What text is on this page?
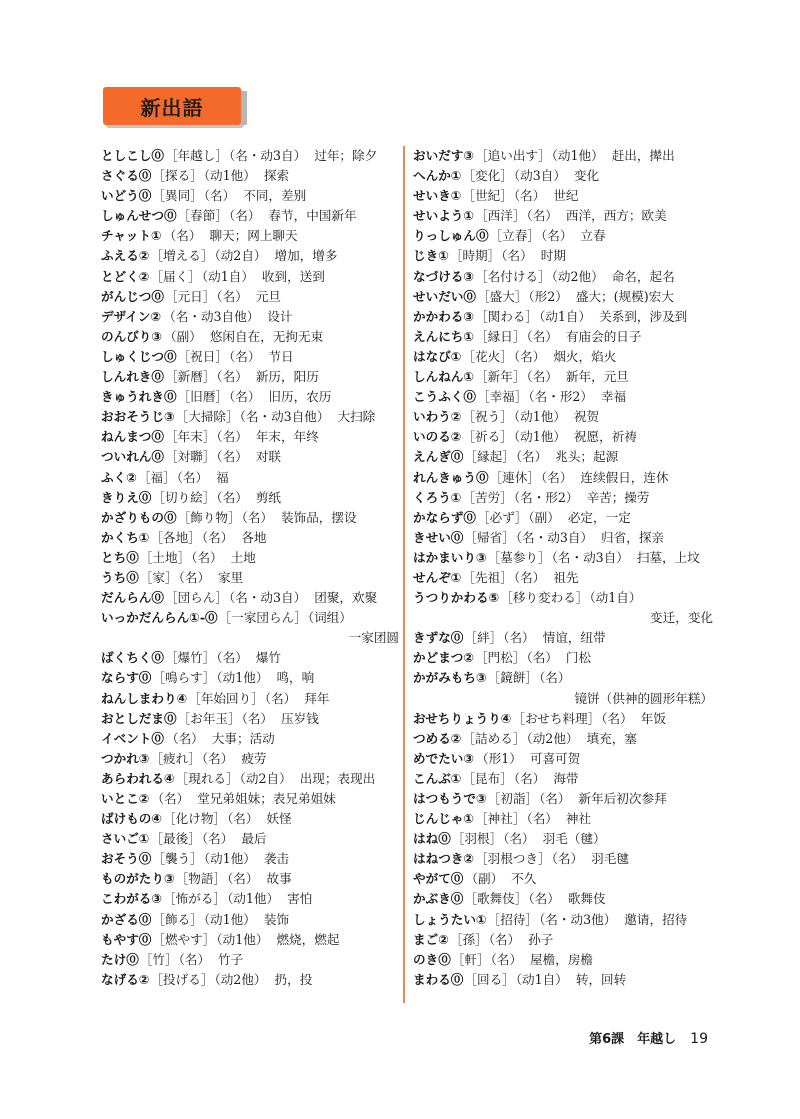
新出語
としこし⓪［年越し］（名・动3自） 过年；除夕
さぐる⓪［探る］（动1他） 探索
いどう⓪［異同］（名） 不同，差别
しゅんせつ⓪［春節］（名） 春节，中国新年
チャット① （名） 聊天；网上聊天
ふえる②［増える］（动2自） 增加，增多
とどく②［届く］（动1自） 收到，送到
がんじつ⓪［元日］（名） 元旦
デザイン② （名・动3自他） 设计
のんびり③ （副） 悠闲自在，无拘无束
しゅくじつ⓪［祝日］（名） 节日
しんれき⓪［新暦］（名） 新历，阳历
きゅうれき⓪［旧暦］（名） 旧历，农历
おおそうじ③［大掃除］（名・动3自他） 大扫除
ねんまつ⓪［年末］（名） 年末，年终
ついれん⓪［対聯］（名） 对联
ふく②［福］（名） 福
きりえ⓪［切り絵］（名） 剪纸
かざりもの⓪［飾り物］（名） 装饰品，摆设
かくち①［各地］（名） 各地
とち⓪［土地］（名） 土地
うち⓪［家］（名） 家里
だんらん⓪［団らん］（名・动3自） 团聚，欢聚
いっかだんらん①-⓪［一家団らん］（词组）
一家团圆
ばくちく⓪［爆竹］（名） 爆竹
ならす⓪［鳴らす］（动1他） 鸣，响
ねんしまわり④［年始回り］（名） 拜年
おとしだま⓪［お年玉］（名） 压岁钱
イベント⓪ （名） 大事；活动
つかれ③［疲れ］（名） 疲劳
あらわれる④［現れる］（动2自） 出现；表现出
いとこ② （名） 堂兄弟姐妹；表兄弟姐妹
ばけもの④［化け物］（名） 妖怪
さいご①［最後］（名） 最后
おそう⓪［襲う］（动1他） 袭击
ものがたり③［物語］（名） 故事
こわがる③［怖がる］（动1他） 害怕
かざる⓪［飾る］（动1他） 装饰
もやす⓪［燃やす］（动1他） 燃烧，燃起
たけ⓪［竹］（名） 竹子
なげる②［投げる］（动2他） 扔，投
おいだす③［追い出す］（动1他） 赶出，撵出
へんか①［変化］（动3自） 变化
せいき①［世紀］（名） 世纪
せいよう①［西洋］（名） 西洋，西方；欧美
りっしゅん⓪［立春］（名） 立春
じき①［時期］（名） 时期
なづける③［名付ける］（动2他） 命名，起名
せいだい⓪［盛大］（形2） 盛大；(规模)宏大
かかわる③［関わる］（动1自） 关系到，涉及到
えんにち①［縁日］（名） 有庙会的日子
はなび①［花火］（名） 烟火，焰火
しんねん①［新年］（名） 新年，元旦
こうふく⓪［幸福］（名・形2） 幸福
いわう②［祝う］（动1他） 祝贺
いのる②［祈る］（动1他） 祝愿，祈祷
えんぎ⓪［縁起］（名） 兆头；起源
れんきゅう⓪［連休］（名） 连续假日，连休
くろう①［苦労］（名・形2） 辛苦；操劳
かならず⓪［必ず］（副） 必定，一定
きせい⓪［帰省］（名・动3自） 归省，探亲
はかまいり③［墓参り］（名・动3自） 扫墓，上坟
せんぞ①［先祖］（名） 祖先
うつりかわる⑤［移り変わる］（动1自）
变迁，变化
きずな⓪［絆］（名） 情谊，纽带
かどまつ②［門松］（名） 门松
かがみもち③［鏡餅］（名）
镜饼（供神的圆形年糕）
おせちりょうり④［おせち料理］（名） 年饭
つめる②［詰める］（动2他） 填充，塞
めでたい③ （形1） 可喜可贺
こんぶ①［昆布］（名） 海带
はつもうで③［初詣］（名） 新年后初次参拜
じんじゃ①［神社］（名） 神社
はね⓪［羽根］（名） 羽毛（毽）
はねつき②［羽根つき］（名） 羽毛毽
やがて⓪ （副） 不久
かぶき⓪［歌舞伎］（名） 歌舞伎
しょうたい①［招待］（名・动3他） 邀请，招待
まご②［孫］（名） 孙子
のき⓪［軒］（名） 屋檐，房檐
まわる⓪［回る］（动1自） 转，回转
第6課　年越し 19
